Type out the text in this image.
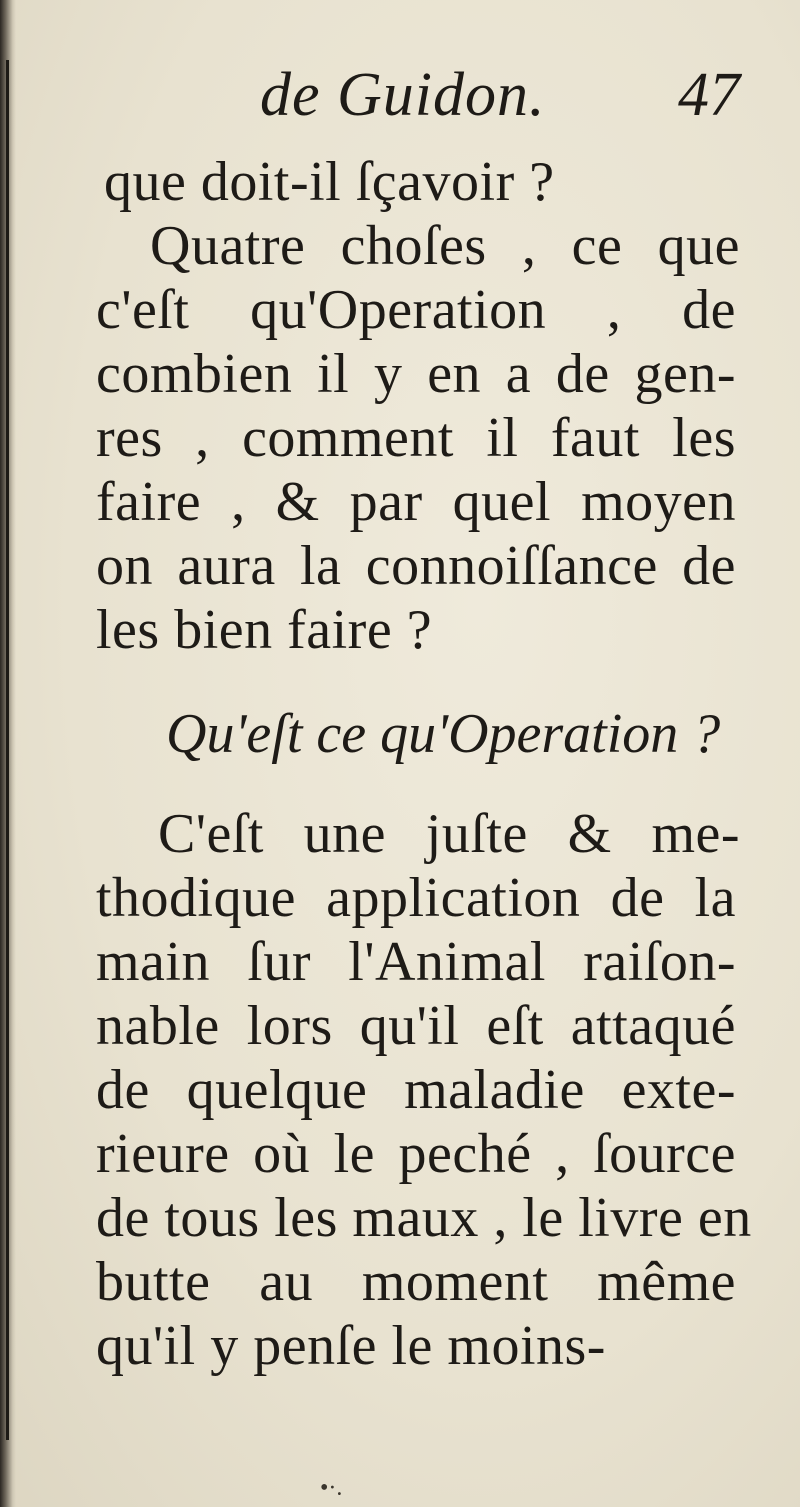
de Guidon. 47
que doit-il ſçavoir ?
Quatre choſes , ce que
c'eſt qu'Operation , de
combien il y en a de gen-
res , comment il faut les
faire , & par quel moyen
on aura la connoiſſance de
les bien faire ?
Qu'eſt ce qu'Operation ?
C'eſt une juſte & me-
thodique application de la
main ſur l'Animal raiſon-
nable lors qu'il eſt attaqué
de quelque maladie exte-
rieure où le peché , ſource
de tous les maux , le livre en
butte au moment même
qu'il y penſe le moins-
•·.
